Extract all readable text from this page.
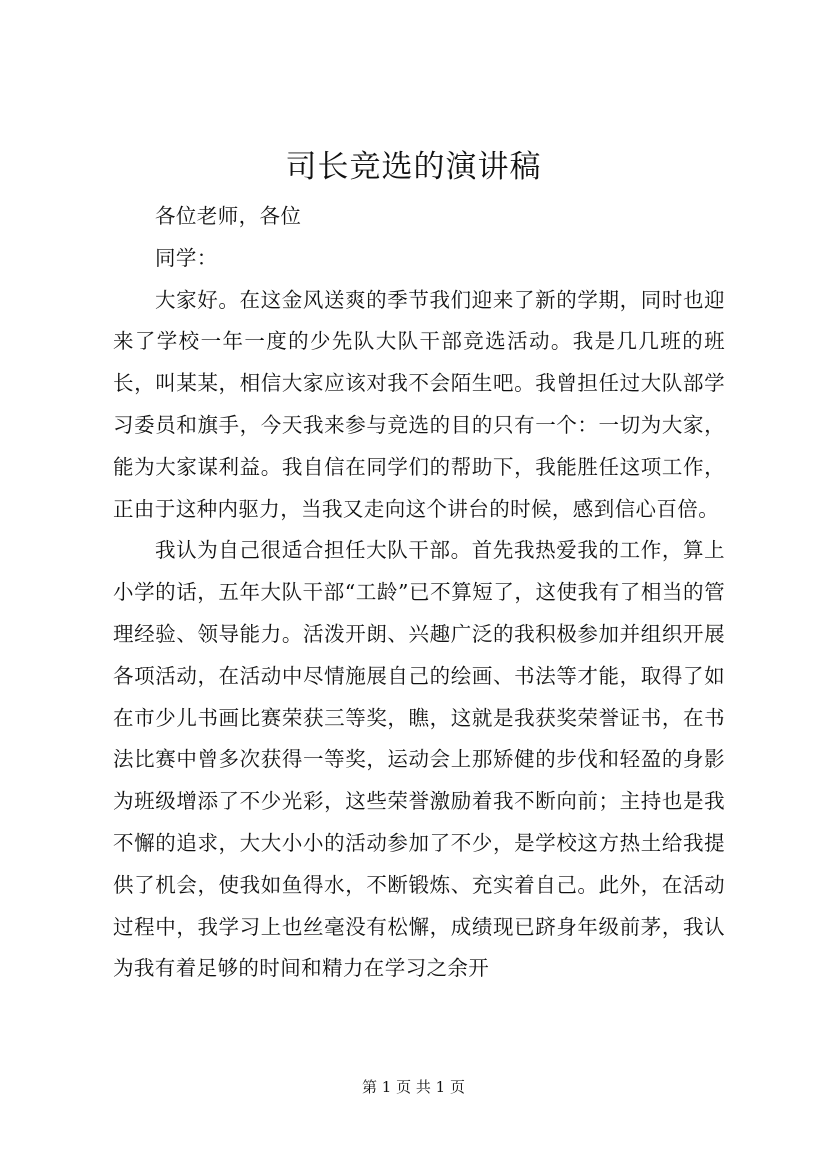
司长竞选的演讲稿

各位老师，各位

同学：

大家好。在这金风送爽的季节我们迎来了新的学期，同时也迎来了学校一年一度的少先队大队干部竞选活动。我是几几班的班长，叫某某，相信大家应该对我不会陌生吧。我曾担任过大队部学习委员和旗手，今天我来参与竞选的目的只有一个：一切为大家，能为大家谋利益。我自信在同学们的帮助下，我能胜任这项工作，正由于这种内驱力，当我又走向这个讲台的时候，感到信心百倍。

我认为自己很适合担任大队干部。首先我热爱我的工作，算上小学的话，五年大队干部“工龄”已不算短了，这使我有了相当的管理经验、领导能力。活泼开朗、兴趣广泛的我积极参加并组织开展各项活动，在活动中尽情施展自己的绘画、书法等才能，取得了如在市少儿书画比赛荣获三等奖，瞧，这就是我获奖荣誉证书，在书法比赛中曾多次获得一等奖，运动会上那矫健的步伐和轻盈的身影为班级增添了不少光彩，这些荣誉激励着我不断向前；主持也是我不懈的追求，大大小小的活动参加了不少，是学校这方热土给我提供了机会，使我如鱼得水，不断锻炼、充实着自己。此外，在活动过程中，我学习上也丝毫没有松懈，成绩现已跻身年级前茅，我认为我有着足够的时间和精力在学习之余开

第 1 页 共 1 页
